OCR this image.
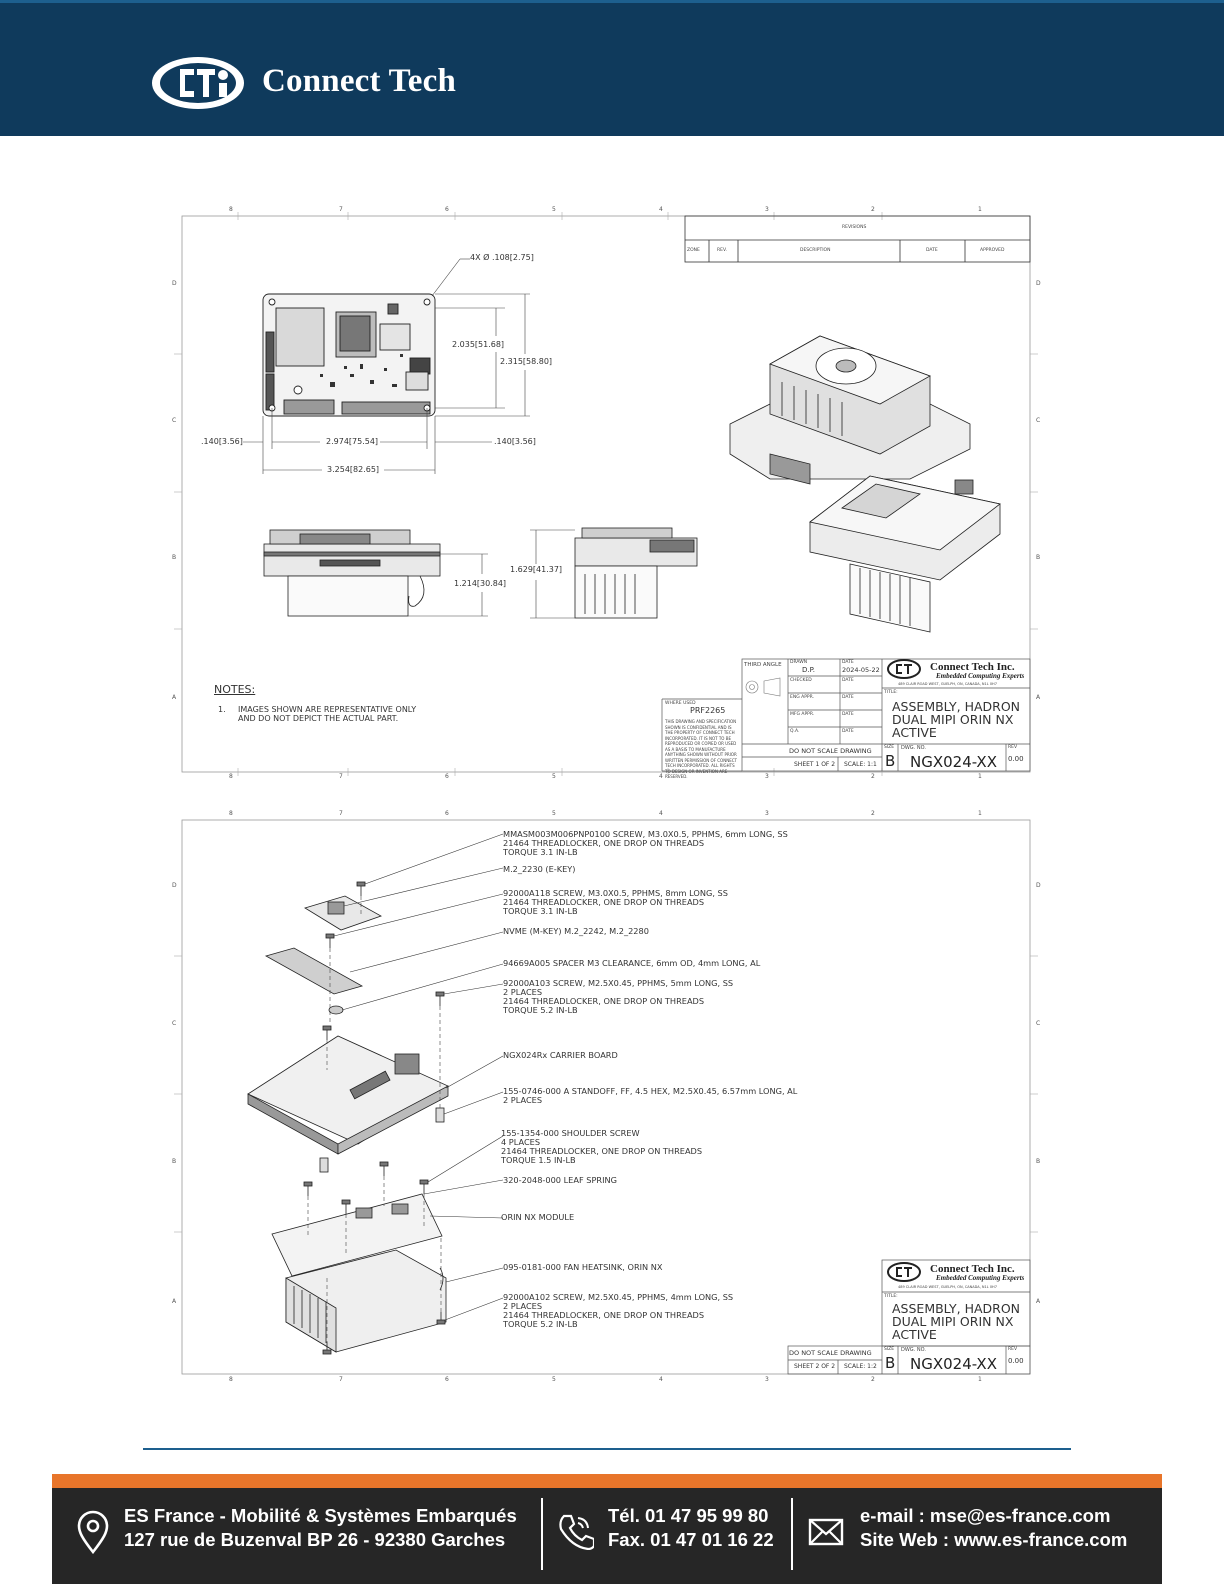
Connect Tech
8	7	6	5	4	3	2	1
D
C
B
A
D
C
B
A
8	7	6	5	4	3	2	1
REVISIONS
ZONE	REV.	DESCRIPTION	DATE	APPROVED
4X Ø .108[2.75]
2.035[51.68]
2.315[58.80]
.140[3.56]	2.974[75.54]	.140[3.56]
3.254[82.65]
1.214[30.84]
1.629[41.37]
NOTES:
1. IMAGES SHOWN ARE REPRESENTATIVE ONLY
AND DO NOT DEPICT THE ACTUAL PART.
THIRD ANGLE DRAWN
D.P.
DATE
2024-05-22
CHECKED	DATE
ENG APPR.	DATE
MFG APPR.	DATE
Q.A.	DATE
WHERE USED
PRF2265
THIS DRAWING AND SPECIFICATION SHOWN IS CONFIDENTIAL AND IS THE PROPERTY OF CONNECT TECH INCORPORATED. IT IS NOT TO BE REPRODUCED OR COPIED OR USED AS A BASIS TO MANUFACTURE ANYTHING SHOWN WITHOUT PRIOR WRITTEN PERMISSION OF CONNECT TECH INCORPORATED. ALL RIGHTS TO DESIGN OR INVENTION ARE RESERVED.
Connect Tech Inc.
Embedded Computing Experts
489 CLAIR ROAD WEST, GUELPH, ON, CANADA, N1L 0H7
TITLE:
ASSEMBLY, HADRON
DUAL MIPI ORIN NX
ACTIVE
DO NOT SCALE DRAWING	SIZE
B
DWG. NO.
NGX024-XX
REV
0.00
SHEET 1 OF 2 SCALE: 1:1
8	7	6	5	4	3	2	1
D
C
B
A
D
C
B
A
8	7	6	5	4	3	2	1
MMASM003M006PNP0100 SCREW, M3.0X0.5, PPHMS, 6mm LONG, SS
21464 THREADLOCKER, ONE DROP ON THREADS
TORQUE 3.1 IN-LB
M.2_2230 (E-KEY)
92000A118 SCREW, M3.0X0.5, PPHMS, 8mm LONG, SS
21464 THREADLOCKER, ONE DROP ON THREADS
TORQUE 3.1 IN-LB
NVME (M-KEY) M.2_2242, M.2_2280
94669A005 SPACER M3 CLEARANCE, 6mm OD, 4mm LONG, AL
92000A103 SCREW, M2.5X0.45, PPHMS, 5mm LONG, SS
2 PLACES
21464 THREADLOCKER, ONE DROP ON THREADS
TORQUE 5.2 IN-LB
NGX024Rx CARRIER BOARD
155-0746-000 A STANDOFF, FF, 4.5 HEX, M2.5X0.45, 6.57mm LONG, AL
2 PLACES
155-1354-000 SHOULDER SCREW
4 PLACES
21464 THREADLOCKER, ONE DROP ON THREADS
TORQUE 1.5 IN-LB
320-2048-000 LEAF SPRING
ORIN NX MODULE
095-0181-000 FAN HEATSINK, ORIN NX
92000A102 SCREW, M2.5X0.45, PPHMS, 4mm LONG, SS
2 PLACES
21464 THREADLOCKER, ONE DROP ON THREADS
TORQUE 5.2 IN-LB
Connect Tech Inc.
Embedded Computing Experts
489 CLAIR ROAD WEST, GUELPH, ON, CANADA, N1L 0H7
TITLE:
ASSEMBLY, HADRON
DUAL MIPI ORIN NX
ACTIVE
DO NOT SCALE DRAWING	SIZE
B
DWG. NO.
NGX024-XX
REV
0.00
SHEET 2 OF 2 SCALE: 1:2
ES France - Mobilité & Systèmes Embarqués
127 rue de Buzenval BP 26 - 92380 Garches
Tél. 01 47 95 99 80
Fax. 01 47 01 16 22
e-mail : mse@es-france.com
Site Web : www.es-france.com
